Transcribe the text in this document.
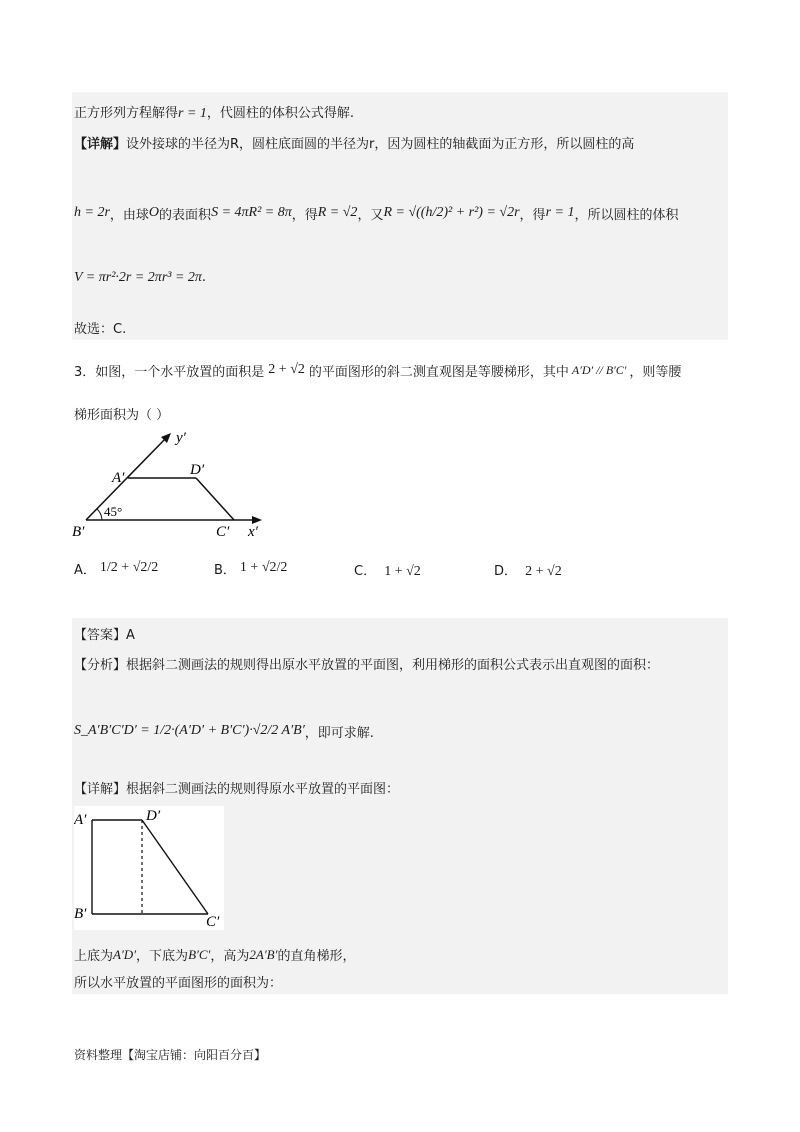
正方形列方程解得r = 1，代圆柱的体积公式得解.
【详解】设外接球的半径为R，圆柱底面圆的半径为r，因为圆柱的轴截面为正方形，所以圆柱的高
h = 2r ，由球 O 的表面积 S = 4πR² = 8π ，得 R = √2 ，又 R = √((h/2)² + r²) = √2r ，得 r = 1 ，所以圆柱的体积
V = πr²·2r = 2πr³ = 2π.
故选：C.
3． 如图，一个水平放置的面积是 2 + √2 的平面图形的斜二测直观图是等腰梯形，其中 A′D′ // B′C′ ，则等腰
梯形面积为（ ）
y′
A′	D′
45°
B′	C′ x′
A． 1/2 + √2/2	B． 1 + √2/2	C． 1 + √2	D． 2 + √2
【答案】A
【分析】根据斜二测画法的规则得出原水平放置的平面图，利用梯形的面积公式表示出直观图的面积：
S_A′B′C′D′ = 1/2·(A′D′ + B′C′)·√2/2 A′B′ ，即可求解.
【详解】根据斜二测画法的规则得原水平放置的平面图：
A′	D′
B′	C′
上底为 A′D′ ，下底为 B′C′ ，高为 2A′B′ 的直角梯形，
所以水平放置的平面图形的面积为：
资料整理【淘宝店铺：向阳百分百】
